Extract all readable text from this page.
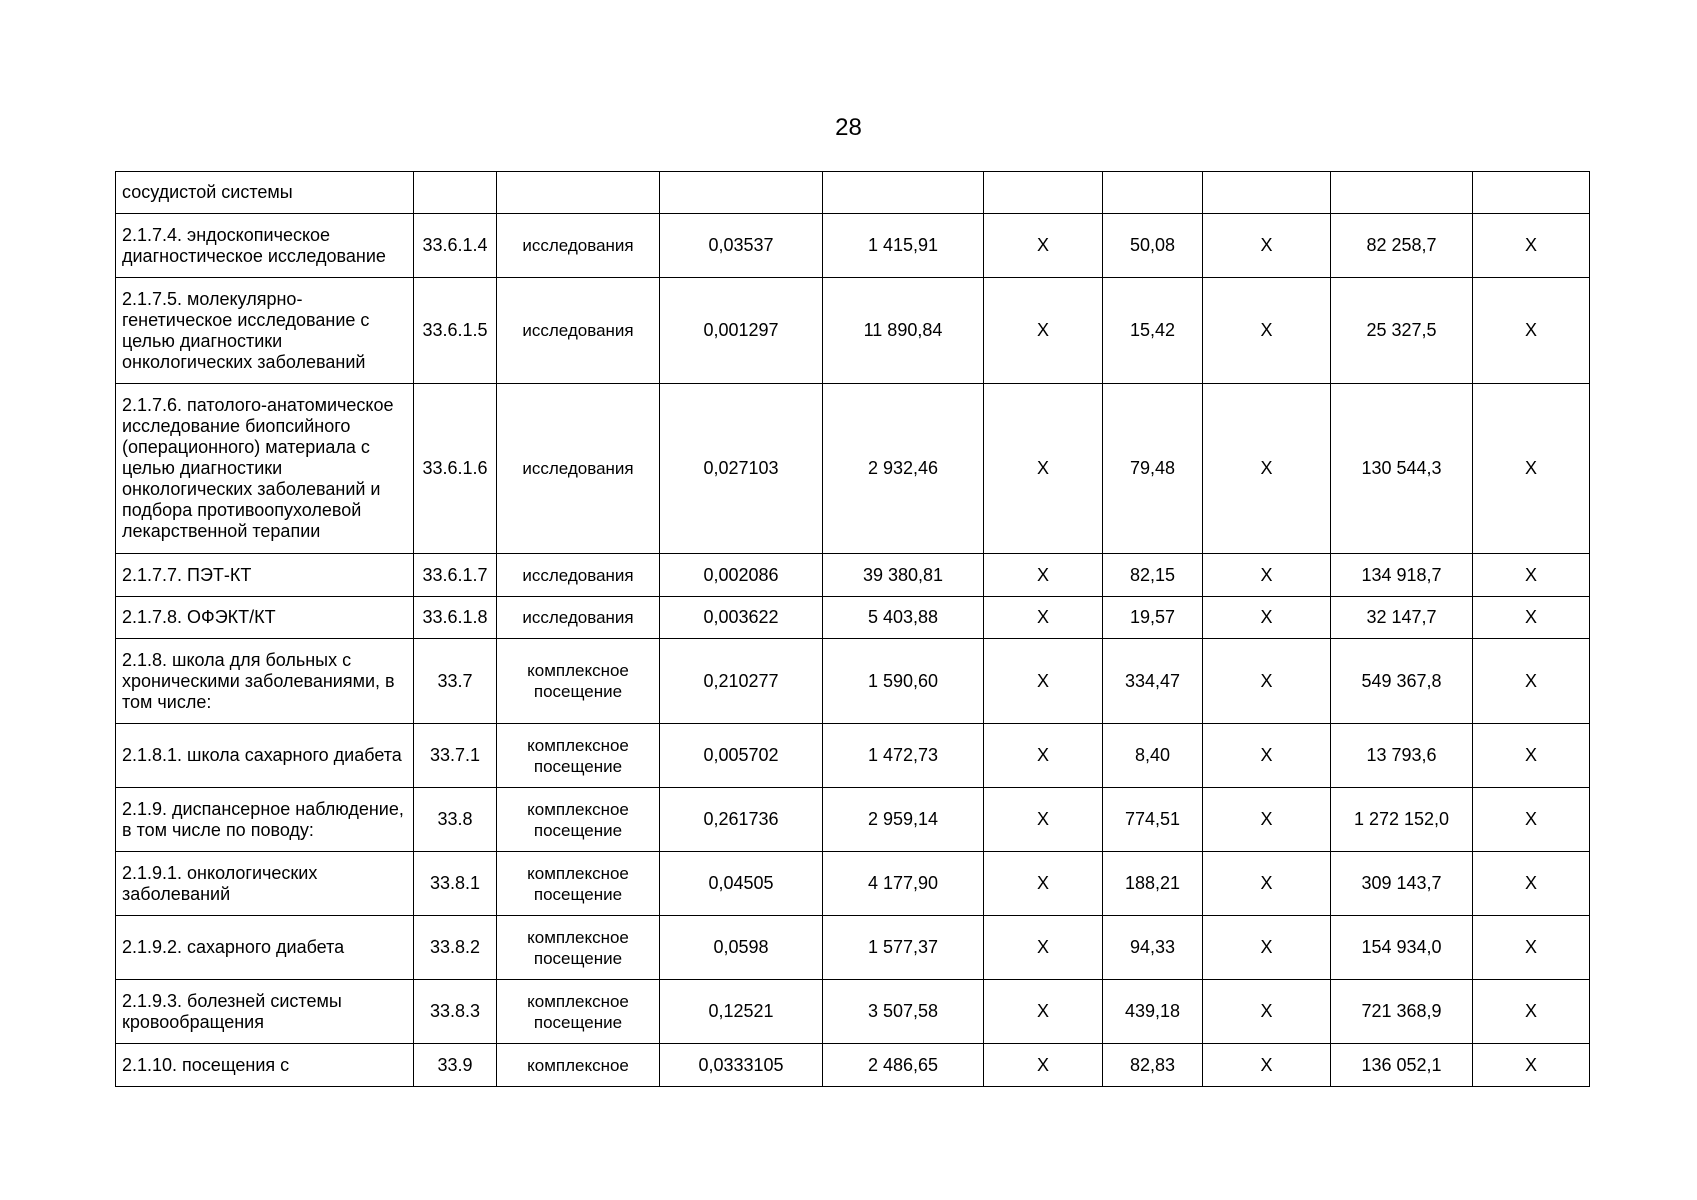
28
сосудистой системы									
2.1.7.4. эндоскопическое диагностическое исследование	33.6.1.4	исследования	0,03537	1 415,91	Х	50,08	Х	82 258,7	Х
2.1.7.5. молекулярно-генетическое исследование с целью диагностики онкологических заболеваний	33.6.1.5	исследования	0,001297	11 890,84	Х	15,42	Х	25 327,5	Х
2.1.7.6. патолого-анатомическое исследование биопсийного (операционного) материала с целью диагностики онкологических заболеваний и подбора противоопухолевой лекарственной терапии	33.6.1.6	исследования	0,027103	2 932,46	Х	79,48	Х	130 544,3	Х
2.1.7.7. ПЭТ-КТ	33.6.1.7	исследования	0,002086	39 380,81	Х	82,15	Х	134 918,7	Х
2.1.7.8. ОФЭКТ/КТ	33.6.1.8	исследования	0,003622	5 403,88	Х	19,57	Х	32 147,7	Х
2.1.8. школа для больных с хроническими заболеваниями, в том числе:	33.7	комплексное посещение	0,210277	1 590,60	Х	334,47	Х	549 367,8	Х
2.1.8.1. школа сахарного диабета	33.7.1	комплексное посещение	0,005702	1 472,73	Х	8,40	Х	13 793,6	Х
2.1.9. диспансерное наблюдение, в том числе по поводу:	33.8	комплексное посещение	0,261736	2 959,14	Х	774,51	Х	1 272 152,0	Х
2.1.9.1. онкологических заболеваний	33.8.1	комплексное посещение	0,04505	4 177,90	Х	188,21	Х	309 143,7	Х
2.1.9.2. сахарного диабета	33.8.2	комплексное посещение	0,0598	1 577,37	Х	94,33	Х	154 934,0	Х
2.1.9.3. болезней системы кровообращения	33.8.3	комплексное посещение	0,12521	3 507,58	Х	439,18	Х	721 368,9	Х
2.1.10. посещения с	33.9	комплексное	0,0333105	2 486,65	Х	82,83	Х	136 052,1	Х
